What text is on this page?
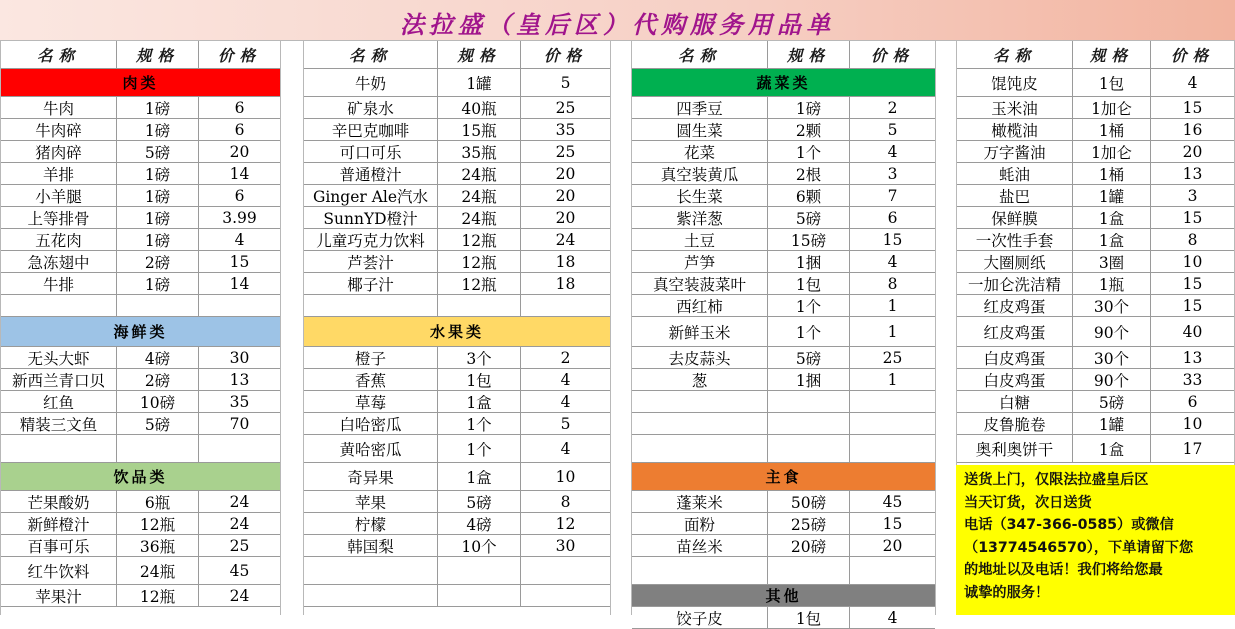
法拉盛（皇后区）代购服务用品单
名称	规格	价格
肉类
牛肉	1磅	6
牛肉碎	1磅	6
猪肉碎	5磅	20
羊排	1磅	14
小羊腿	1磅	6
上等排骨	1磅	3.99
五花肉	1磅	4
急冻翅中	2磅	15
牛排	1磅	14
海鲜类
无头大虾	4磅	30
新西兰青口贝	2磅	13
红鱼	10磅	35
精装三文鱼	5磅	70
饮品类
芒果酸奶	6瓶	24
新鲜橙汁	12瓶	24
百事可乐	36瓶	25
红牛饮料	24瓶	45
苹果汁	12瓶	24
名称	规格	价格
牛奶	1罐	5
矿泉水	40瓶	25
辛巴克咖啡	15瓶	35
可口可乐	35瓶	25
普通橙汁	24瓶	20
Ginger Ale汽水	24瓶	20
SunnYD橙汁	24瓶	20
儿童巧克力饮料	12瓶	24
芦荟汁	12瓶	18
椰子汁	12瓶	18
水果类
橙子	3个	2
香蕉	1包	4
草莓	1盒	4
白哈密瓜	1个	5
黄哈密瓜	1个	4
奇异果	1盒	10
苹果	5磅	8
柠檬	4磅	12
韩国梨	10个	30
名称	规格	价格
蔬菜类
四季豆	1磅	2
圆生菜	2颗	5
花菜	1个	4
真空装黄瓜	2根	3
长生菜	6颗	7
紫洋葱	5磅	6
土豆	15磅	15
芦笋	1捆	4
真空装菠菜叶	1包	8
西红柿	1个	1
新鲜玉米	1个	1
去皮蒜头	5磅	25
葱	1捆	1
主食
蓬莱米	50磅	45
面粉	25磅	15
苗丝米	20磅	20
其他
饺子皮	1包	4
名称	规格	价格
馄饨皮	1包	4
玉米油	1加仑	15
橄榄油	1桶	16
万字酱油	1加仑	20
蚝油	1桶	13
盐巴	1罐	3
保鲜膜	1盒	15
一次性手套	1盒	8
大圈厕纸	3圈	10
一加仑洗洁精	1瓶	15
红皮鸡蛋	30个	15
红皮鸡蛋	90个	40
白皮鸡蛋	30个	13
白皮鸡蛋	90个	33
白糖	5磅	6
皮鲁脆卷	1罐	10
奥利奥饼干	1盒	17
送货上门，仅限法拉盛皇后区
当天订货，次日送货
电话（347-366-0585）或微信
（13774546570），下单请留下您
的地址以及电话！我们将给您最
诚挚的服务！
